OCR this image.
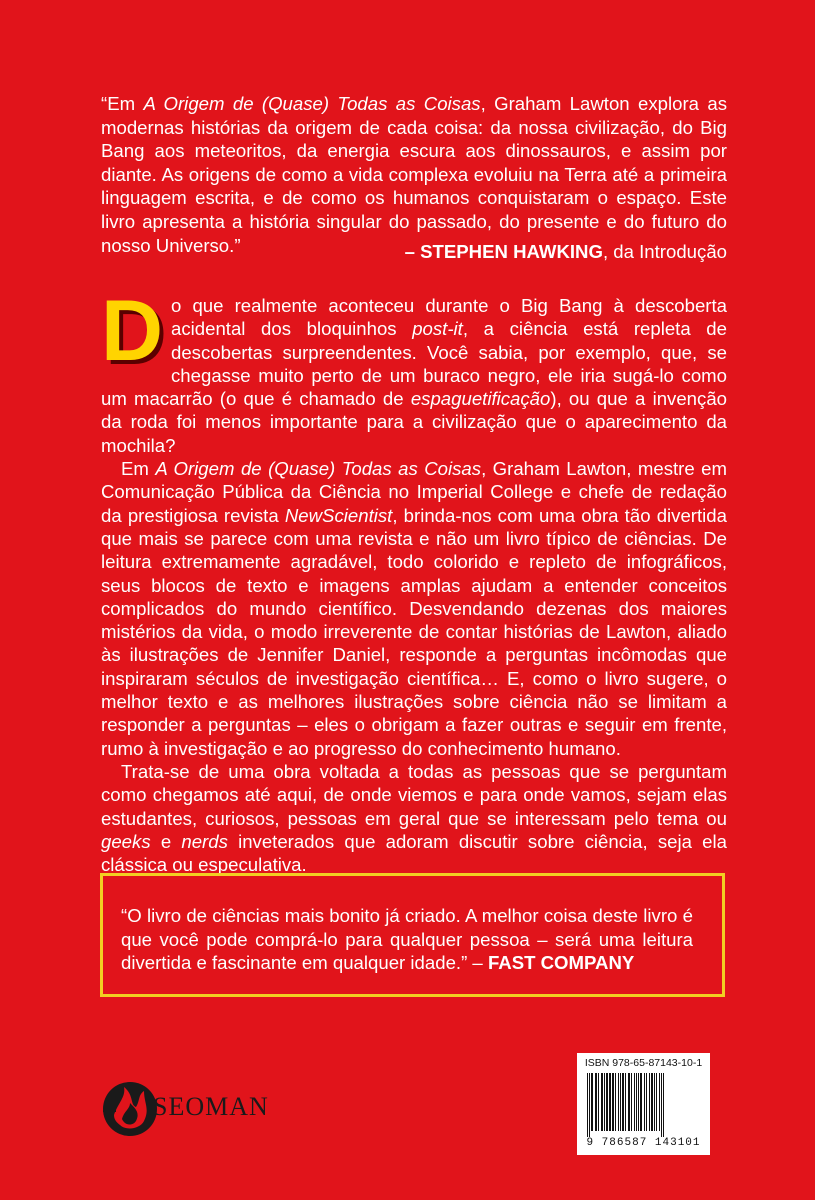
“Em A Origem de (Quase) Todas as Coisas, Graham Lawton explora as modernas histórias da origem de cada coisa: da nossa civilização, do Big Bang aos meteoritos, da energia escura aos dinossauros, e assim por diante. As origens de como a vida complexa evoluiu na Terra até a primeira linguagem escrita, e de como os humanos conquistaram o espaço. Este livro apresenta a história singular do passado, do presente e do futuro do nosso Universo.”	– STEPHEN HAWKING, da Introdução

Do que realmente aconteceu durante o Big Bang à descoberta acidental dos bloquinhos post-it, a ciência está repleta de descobertas surpreendentes. Você sabia, por exemplo, que, se chegasse muito perto de um buraco negro, ele iria sugá-lo como um macarrão (o que é chamado de espaguetificação), ou que a invenção da roda foi menos importante para a civilização que o aparecimento da mochila?

Em A Origem de (Quase) Todas as Coisas, Graham Lawton, mestre em Comunicação Pública da Ciência no Imperial College e chefe de redação da prestigiosa revista NewScientist, brinda-nos com uma obra tão divertida que mais se parece com uma revista e não um livro típico de ciências. De leitura extremamente agradável, todo colorido e repleto de infográficos, seus blocos de texto e imagens amplas ajudam a entender conceitos complicados do mundo científico. Desvendando dezenas dos maiores mistérios da vida, o modo irreverente de contar histórias de Lawton, aliado às ilustrações de Jennifer Daniel, responde a perguntas incômodas que inspiraram séculos de investigação científica… E, como o livro sugere, o melhor texto e as melhores ilustrações sobre ciência não se limitam a responder a perguntas – eles o obrigam a fazer outras e seguir em frente, rumo à investigação e ao progresso do conhecimento humano.

Trata-se de uma obra voltada a todas as pessoas que se perguntam como chegamos até aqui, de onde viemos e para onde vamos, sejam elas estudantes, curiosos, pessoas em geral que se interessam pelo tema ou geeks e nerds inveterados que adoram discutir sobre ciência, seja ela clássica ou especulativa.

“O livro de ciências mais bonito já criado. A melhor coisa deste livro é que você pode comprá-lo para qualquer pessoa – será uma leitura divertida e fascinante em qualquer idade.” – FAST COMPANY
SEOMAN
ISBN 978-65-87143-10-1
9 786587 143101
